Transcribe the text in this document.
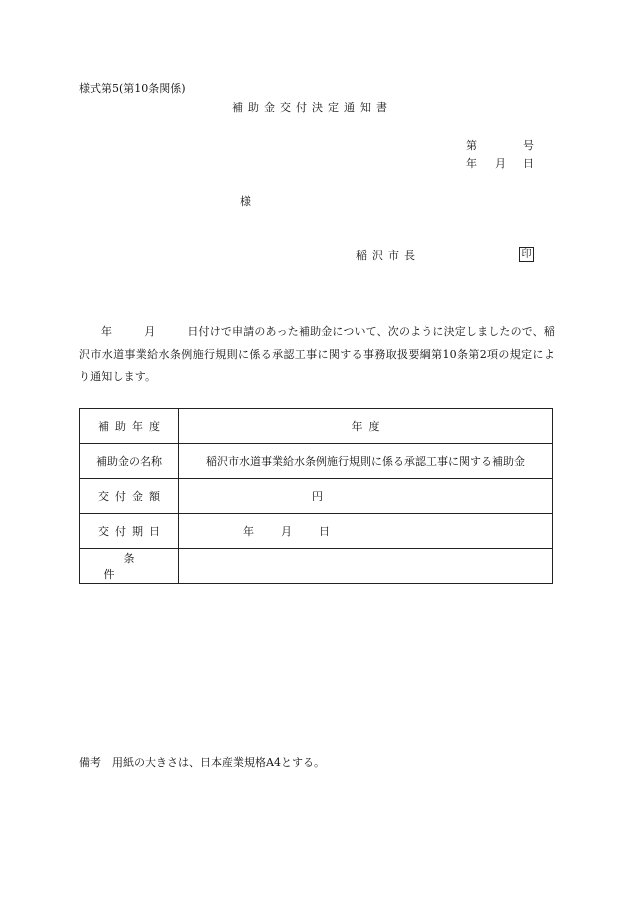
様式第5(第10条関係)
補助金交付決定通知書
第	号
年 月 日
様
稲沢市長	印
年	月	日付けで申請のあった補助金について、次のように決定しましたので、稲沢市水道事業給水条例施行規則に係る承認工事に関する事務取扱要綱第10条第2項の規定により通知します。
補助年度	年度
補助金の名称	稲沢市水道事業給水条例施行規則に係る承認工事に関する補助金
交付金額	円
交付期日	年 月 日
条件	
備考　用紙の大きさは、日本産業規格A4とする。
